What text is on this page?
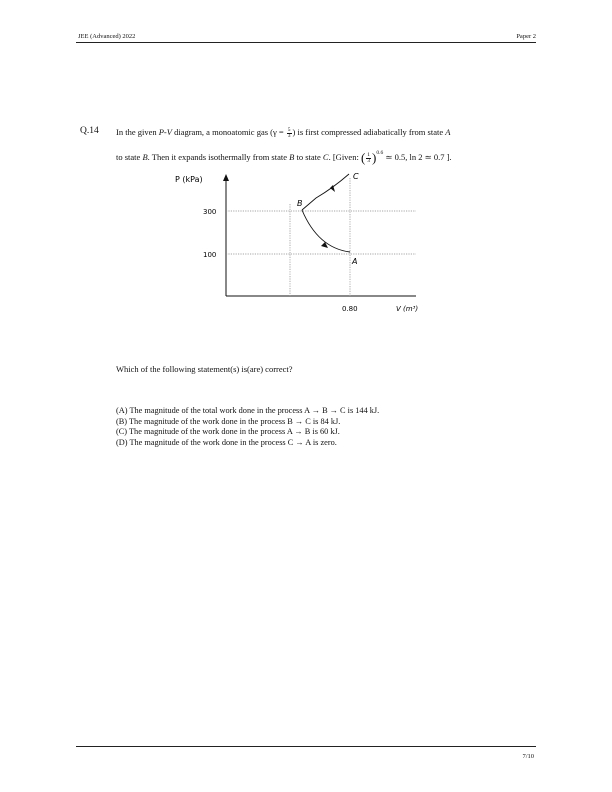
JEE (Advanced) 2022	Paper 2
Q.14 In the given P-V diagram, a monoatomic gas ($\gamma = \frac{5}{3}$ ) is first compressed adiabatically from state A
to state B. Then it expands isothermally from state B to state C. [Given: ( $\frac{1}{3} )^{0.6}$ ≃ 0.5, ln 2 ≃ 0.7 ].
P (kPa)
300
100
0.80	V (m³)
B
C
A
Which of the following statement(s) is(are) correct?
(A) The magnitude of the total work done in the process A → B → C is 144 kJ.
(B) The magnitude of the work done in the process B → C is 84 kJ.
(C) The magnitude of the work done in the process A → B is 60 kJ.
(D) The magnitude of the work done in the process C → A is zero.
7/10
